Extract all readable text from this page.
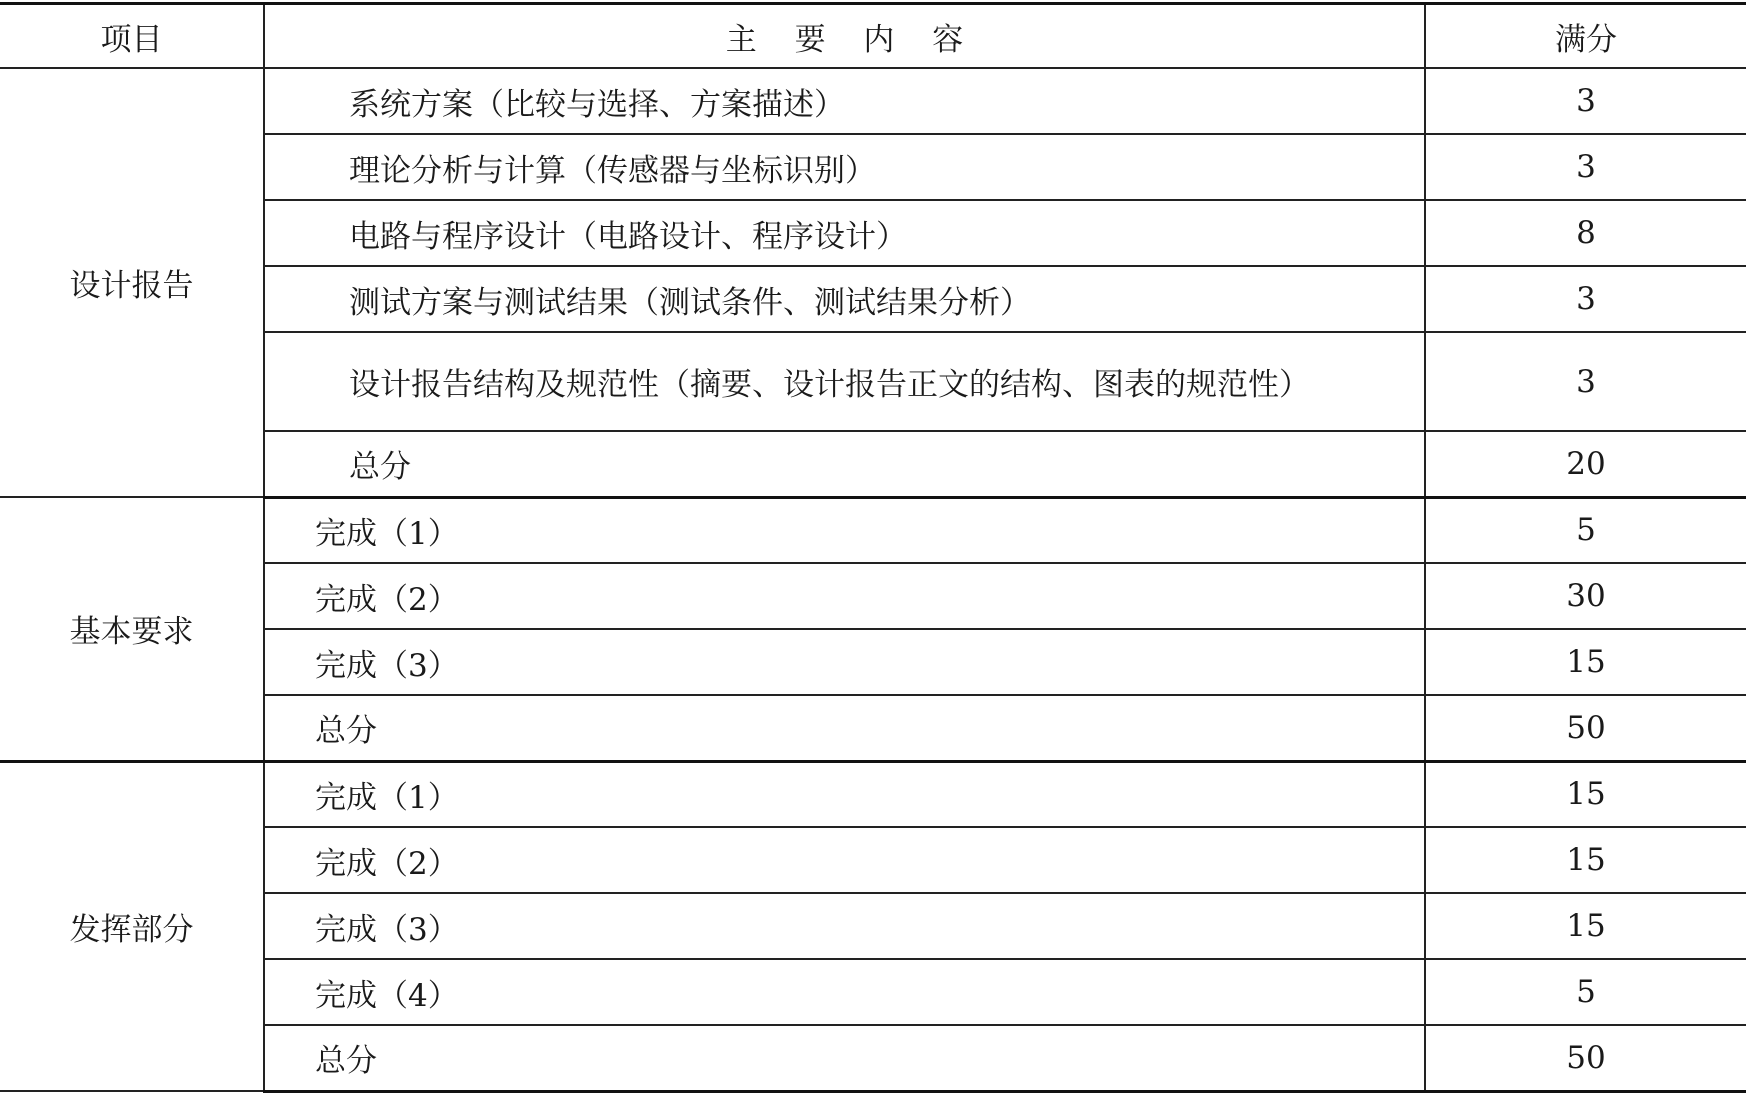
项目	主 要 内 容	满分
设计报告	系统方案（比较与选择、方案描述）	3
	理论分析与计算（传感器与坐标识别）	3
	电路与程序设计（电路设计、程序设计）	8
	测试方案与测试结果（测试条件、测试结果分析）	3
	设计报告结构及规范性（摘要、设计报告正文的结构、图表的规范性）	3
	总分	20
基本要求	完成（1）	5
	完成（2）	30
	完成（3）	15
	总分	50
发挥部分	完成（1）	15
	完成（2）	15
	完成（3）	15
	完成（4）	5
	总分	50
